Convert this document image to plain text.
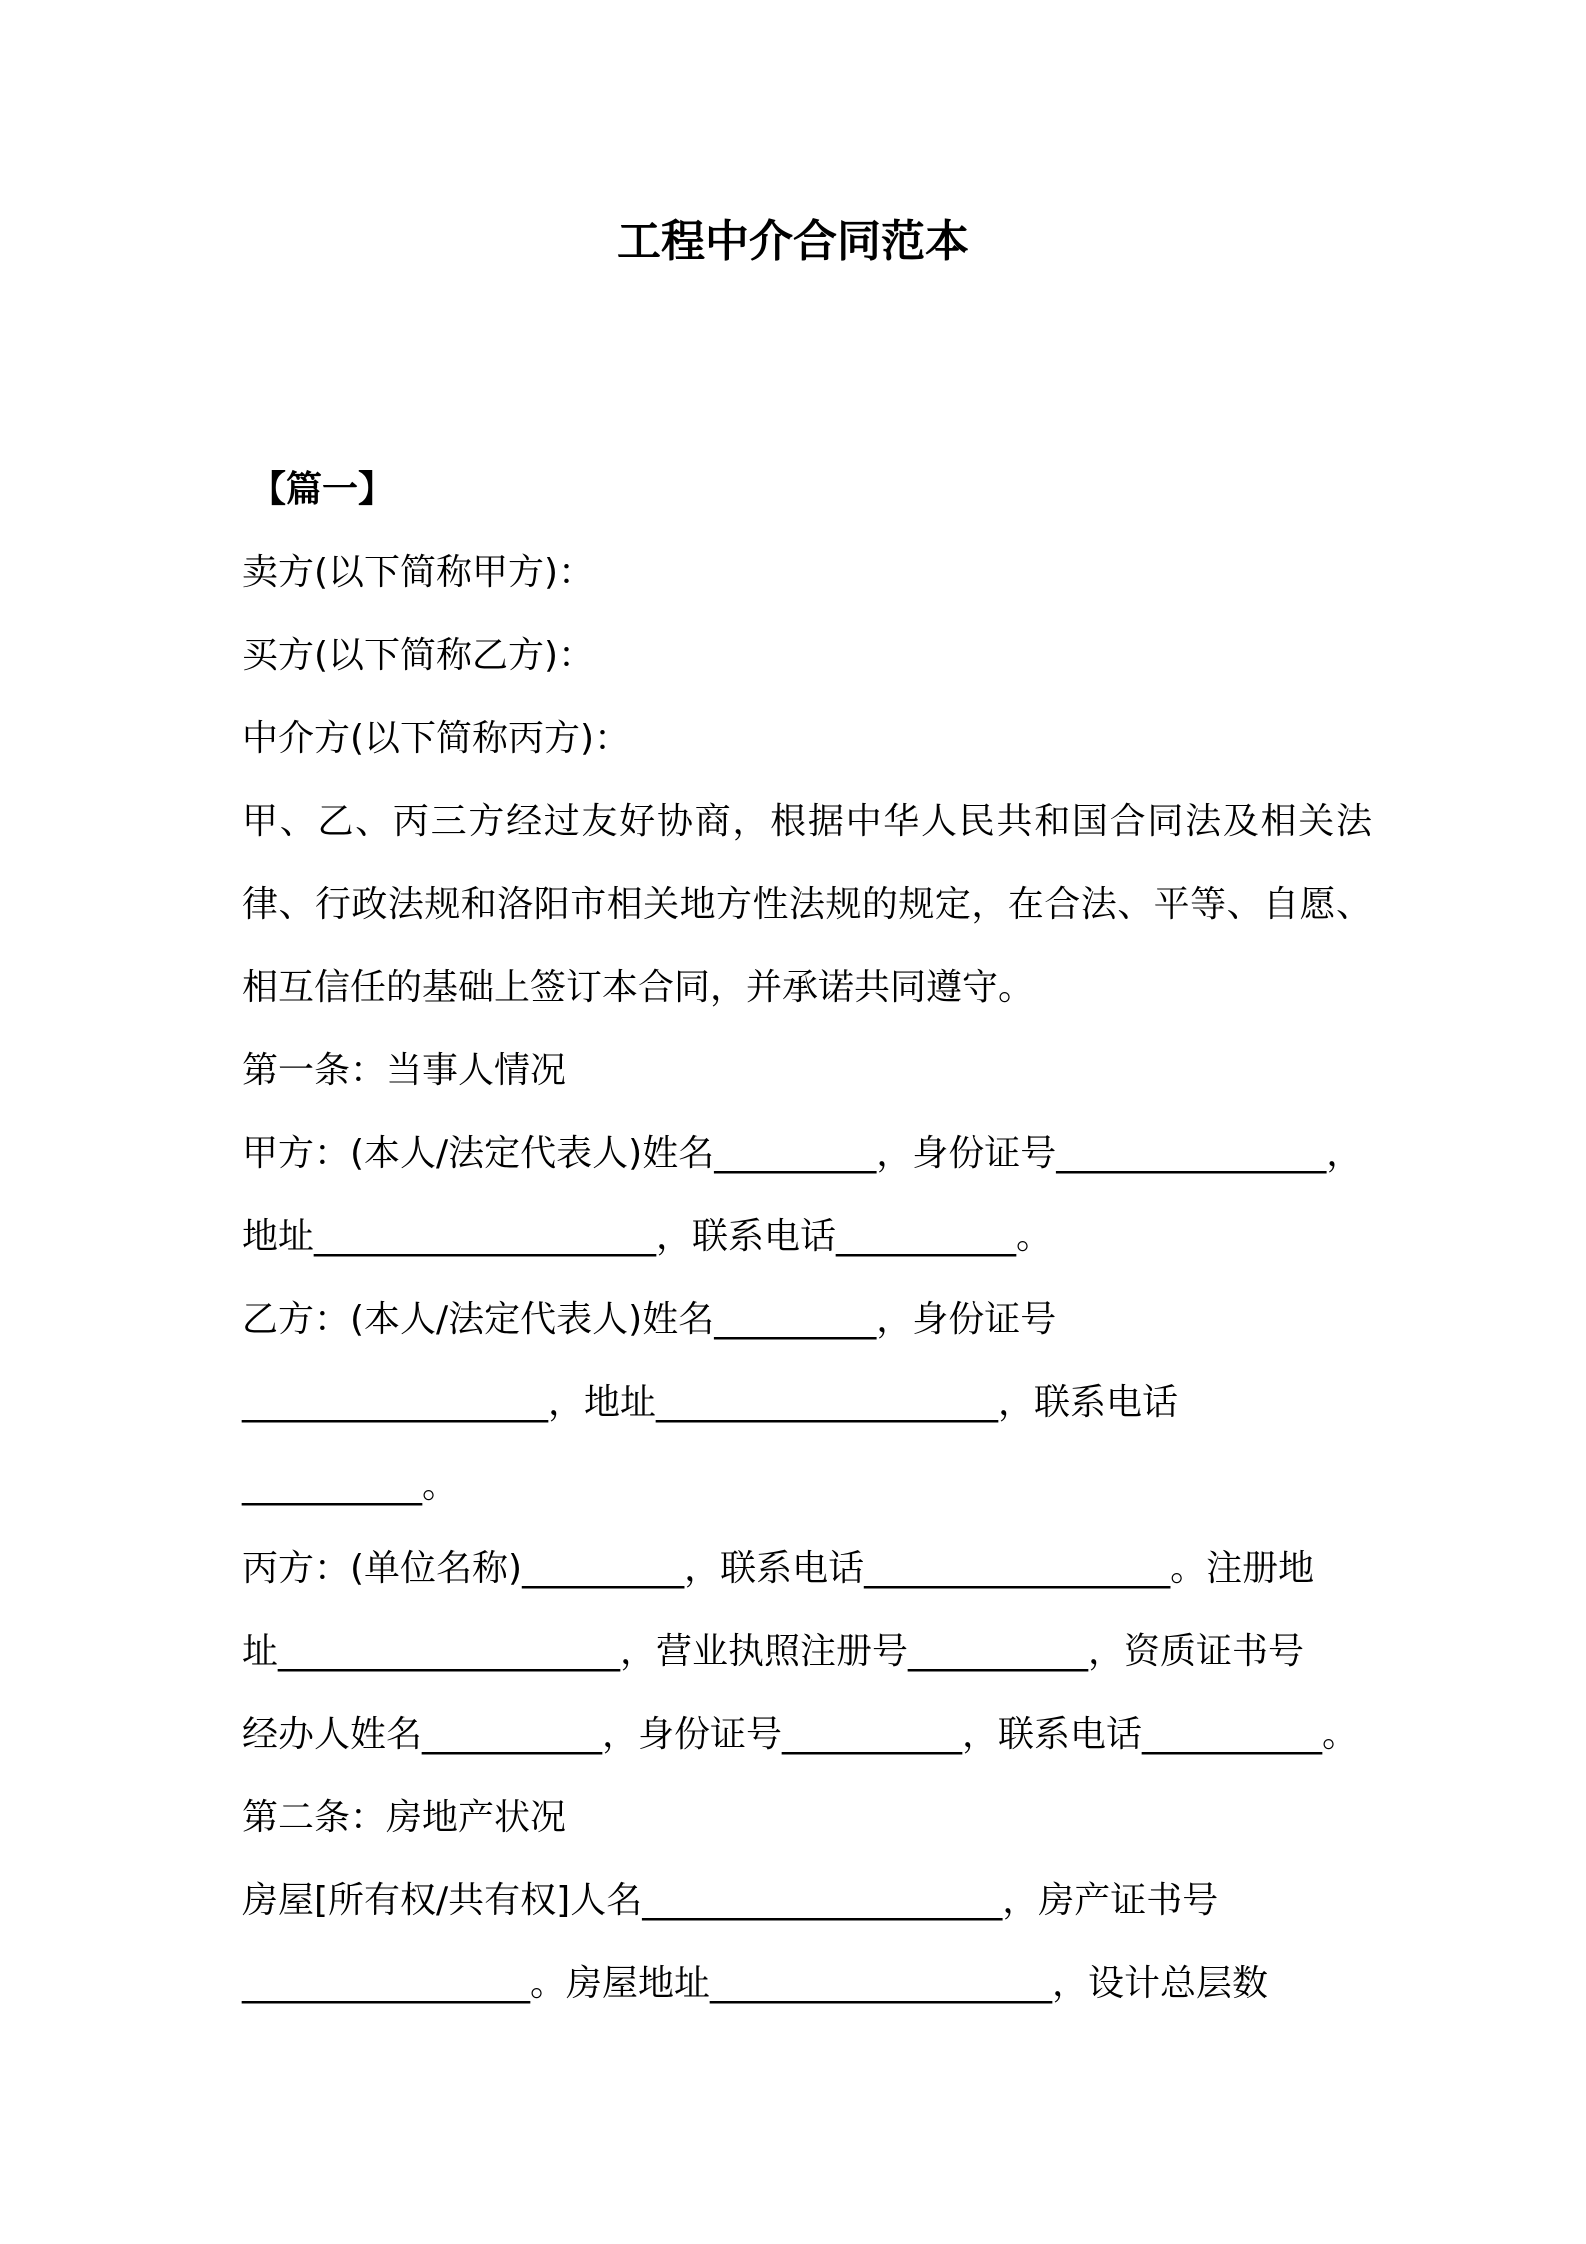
工程中介合同范本
【篇一】
卖方(以下简称甲方)：
买方(以下简称乙方)：
中介方(以下简称丙方)：
甲、乙、丙三方经过友好协商，根据中华人民共和国合同法及相关法
律、行政法规和洛阳市相关地方性法规的规定，在合法、平等、自愿、
相互信任的基础上签订本合同，并承诺共同遵守。
第一条：当事人情况
甲方：(本人/法定代表人)姓名_________，身份证号_______________，
地址___________________，联系电话__________。
乙方：(本人/法定代表人)姓名_________，身份证号
_________________，地址___________________，联系电话
__________。
丙方：(单位名称)_________，联系电话_________________。注册地
址___________________，营业执照注册号__________，资质证书号
经办人姓名__________，身份证号__________，联系电话__________。
第二条：房地产状况
房屋[所有权/共有权]人名____________________，房产证书号
________________。房屋地址___________________，设计总层数
